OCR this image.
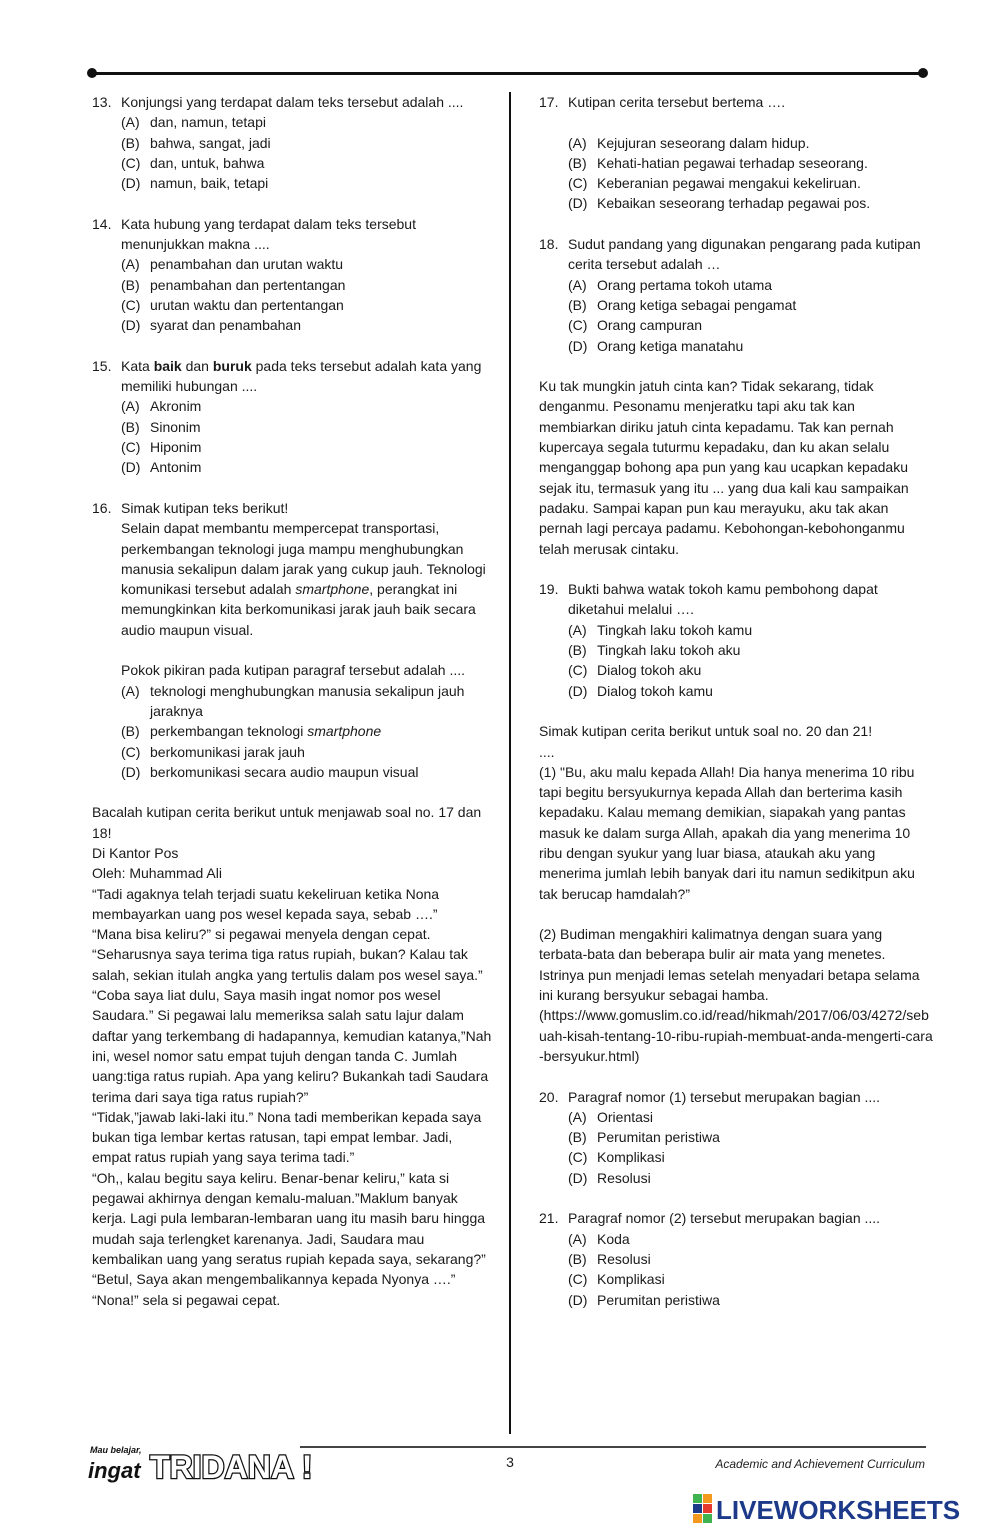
13. Konjungsi yang terdapat dalam teks tersebut adalah ....

(A) dan, namun, tetapi
(B) bahwa, sangat, jadi
(C) dan, untuk, bahwa
(D) namun, baik, tetapi
14. Kata hubung yang terdapat dalam teks tersebut menunjukkan makna ....

(A) penambahan dan urutan waktu
(B) penambahan dan pertentangan
(C) urutan waktu dan pertentangan
(D) syarat dan penambahan
15. Kata baik dan buruk pada teks tersebut adalah kata yang memiliki hubungan ....

(A) Akronim
(B) Sinonim
(C) Hiponim
(D) Antonim
16. Simak kutipan teks berikut!

Selain dapat membantu mempercepat transportasi, perkembangan teknologi juga mampu menghubungkan manusia sekalipun dalam jarak yang cukup jauh. Teknologi komunikasi tersebut adalah smartphone, perangkat ini memungkinkan kita berkomunikasi jarak jauh baik secara audio maupun visual.

Pokok pikiran pada kutipan paragraf tersebut adalah ....

(A) teknologi menghubungkan manusia sekalipun jauh jaraknya
(B) perkembangan teknologi smartphone
(C) berkomunikasi jarak jauh
(D) berkomunikasi secara audio maupun visual

Bacalah kutipan cerita berikut untuk menjawab soal no. 17 dan 18!

Di Kantor Pos

Oleh: Muhammad Ali

“Tadi agaknya telah terjadi suatu kekeliruan ketika Nona membayarkan uang pos wesel kepada saya, sebab ….”

“Mana bisa keliru?” si pegawai menyela dengan cepat.

“Seharusnya saya terima tiga ratus rupiah, bukan? Kalau tak salah, sekian itulah angka yang tertulis dalam pos wesel saya.”

“Coba saya liat dulu, Saya masih ingat nomor pos wesel Saudara.” Si pegawai lalu memeriksa salah satu lajur dalam daftar yang terkembang di hadapannya, kemudian katanya,”Nah ini, wesel nomor satu empat tujuh dengan tanda C. Jumlah uang:tiga ratus rupiah. Apa yang keliru? Bukankah tadi Saudara terima dari saya tiga ratus rupiah?”

“Tidak,”jawab laki-laki itu.” Nona tadi memberikan kepada saya bukan tiga lembar kertas ratusan, tapi empat lembar. Jadi, empat ratus rupiah yang saya terima tadi.”

“Oh,, kalau begitu saya keliru. Benar-benar keliru,” kata si pegawai akhirnya dengan kemalu-maluan.”Maklum banyak kerja. Lagi pula lembaran-lembaran uang itu masih baru hingga mudah saja terlengket karenanya. Jadi, Saudara mau kembalikan uang yang seratus rupiah kepada saya, sekarang?”

“Betul, Saya akan mengembalikannya kepada Nyonya ….”

“Nona!” sela si pegawai cepat.

17. Kutipan cerita tersebut bertema ….

(A) Kejujuran seseorang dalam hidup.
(B) Kehati-hatian pegawai terhadap seseorang.
(C) Keberanian pegawai mengakui kekeliruan.
(D) Kebaikan seseorang terhadap pegawai pos.
18. Sudut pandang yang digunakan pengarang pada kutipan cerita tersebut adalah …

(A) Orang pertama tokoh utama
(B) Orang ketiga sebagai pengamat
(C) Orang campuran
(D) Orang ketiga manatahu

Ku tak mungkin jatuh cinta kan? Tidak sekarang, tidak denganmu. Pesonamu menjeratku tapi aku tak kan membiarkan diriku jatuh cinta kepadamu. Tak kan pernah kupercaya segala tuturmu kepadaku, dan ku akan selalu menganggap bohong apa pun yang kau ucapkan kepadaku sejak itu, termasuk yang itu ... yang dua kali kau sampaikan padaku. Sampai kapan pun kau merayuku, aku tak akan pernah lagi percaya padamu. Kebohongan-kebohonganmu telah merusak cintaku.

19. Bukti bahwa watak tokoh kamu pembohong dapat diketahui melalui ….

(A) Tingkah laku tokoh kamu
(B) Tingkah laku tokoh aku
(C) Dialog tokoh aku
(D) Dialog tokoh kamu

Simak kutipan cerita berikut untuk soal no. 20 dan 21!

....

(1) "Bu, aku malu kepada Allah! Dia hanya menerima 10 ribu tapi begitu bersyukurnya kepada Allah dan berterima kasih kepadaku. Kalau memang demikian, siapakah yang pantas masuk ke dalam surga Allah, apakah dia yang menerima 10 ribu dengan syukur yang luar biasa, ataukah aku yang menerima jumlah lebih banyak dari itu namun sedikitpun aku tak berucap hamdalah?”

(2) Budiman mengakhiri kalimatnya dengan suara yang terbata-bata dan beberapa bulir air mata yang menetes. Istrinya pun menjadi lemas setelah menyadari betapa selama ini kurang bersyukur sebagai hamba.

(https://www.gomuslim.co.id/read/hikmah/2017/06/03/4272/sebuah-kisah-tentang-10-ribu-rupiah-membuat-anda-mengerti-cara-bersyukur.html)

20. Paragraf nomor (1) tersebut merupakan bagian ....

(A) Orientasi
(B) Perumitan peristiwa
(C) Komplikasi
(D) Resolusi
21. Paragraf nomor (2) tersebut merupakan bagian ....

(A) Koda
(B) Resolusi
(C) Komplikasi
(D) Perumitan peristiwa
Mau belajar,
ingat TRIDANA !	3	Academic and Achievement Curriculum
LIVEWORKSHEETS
